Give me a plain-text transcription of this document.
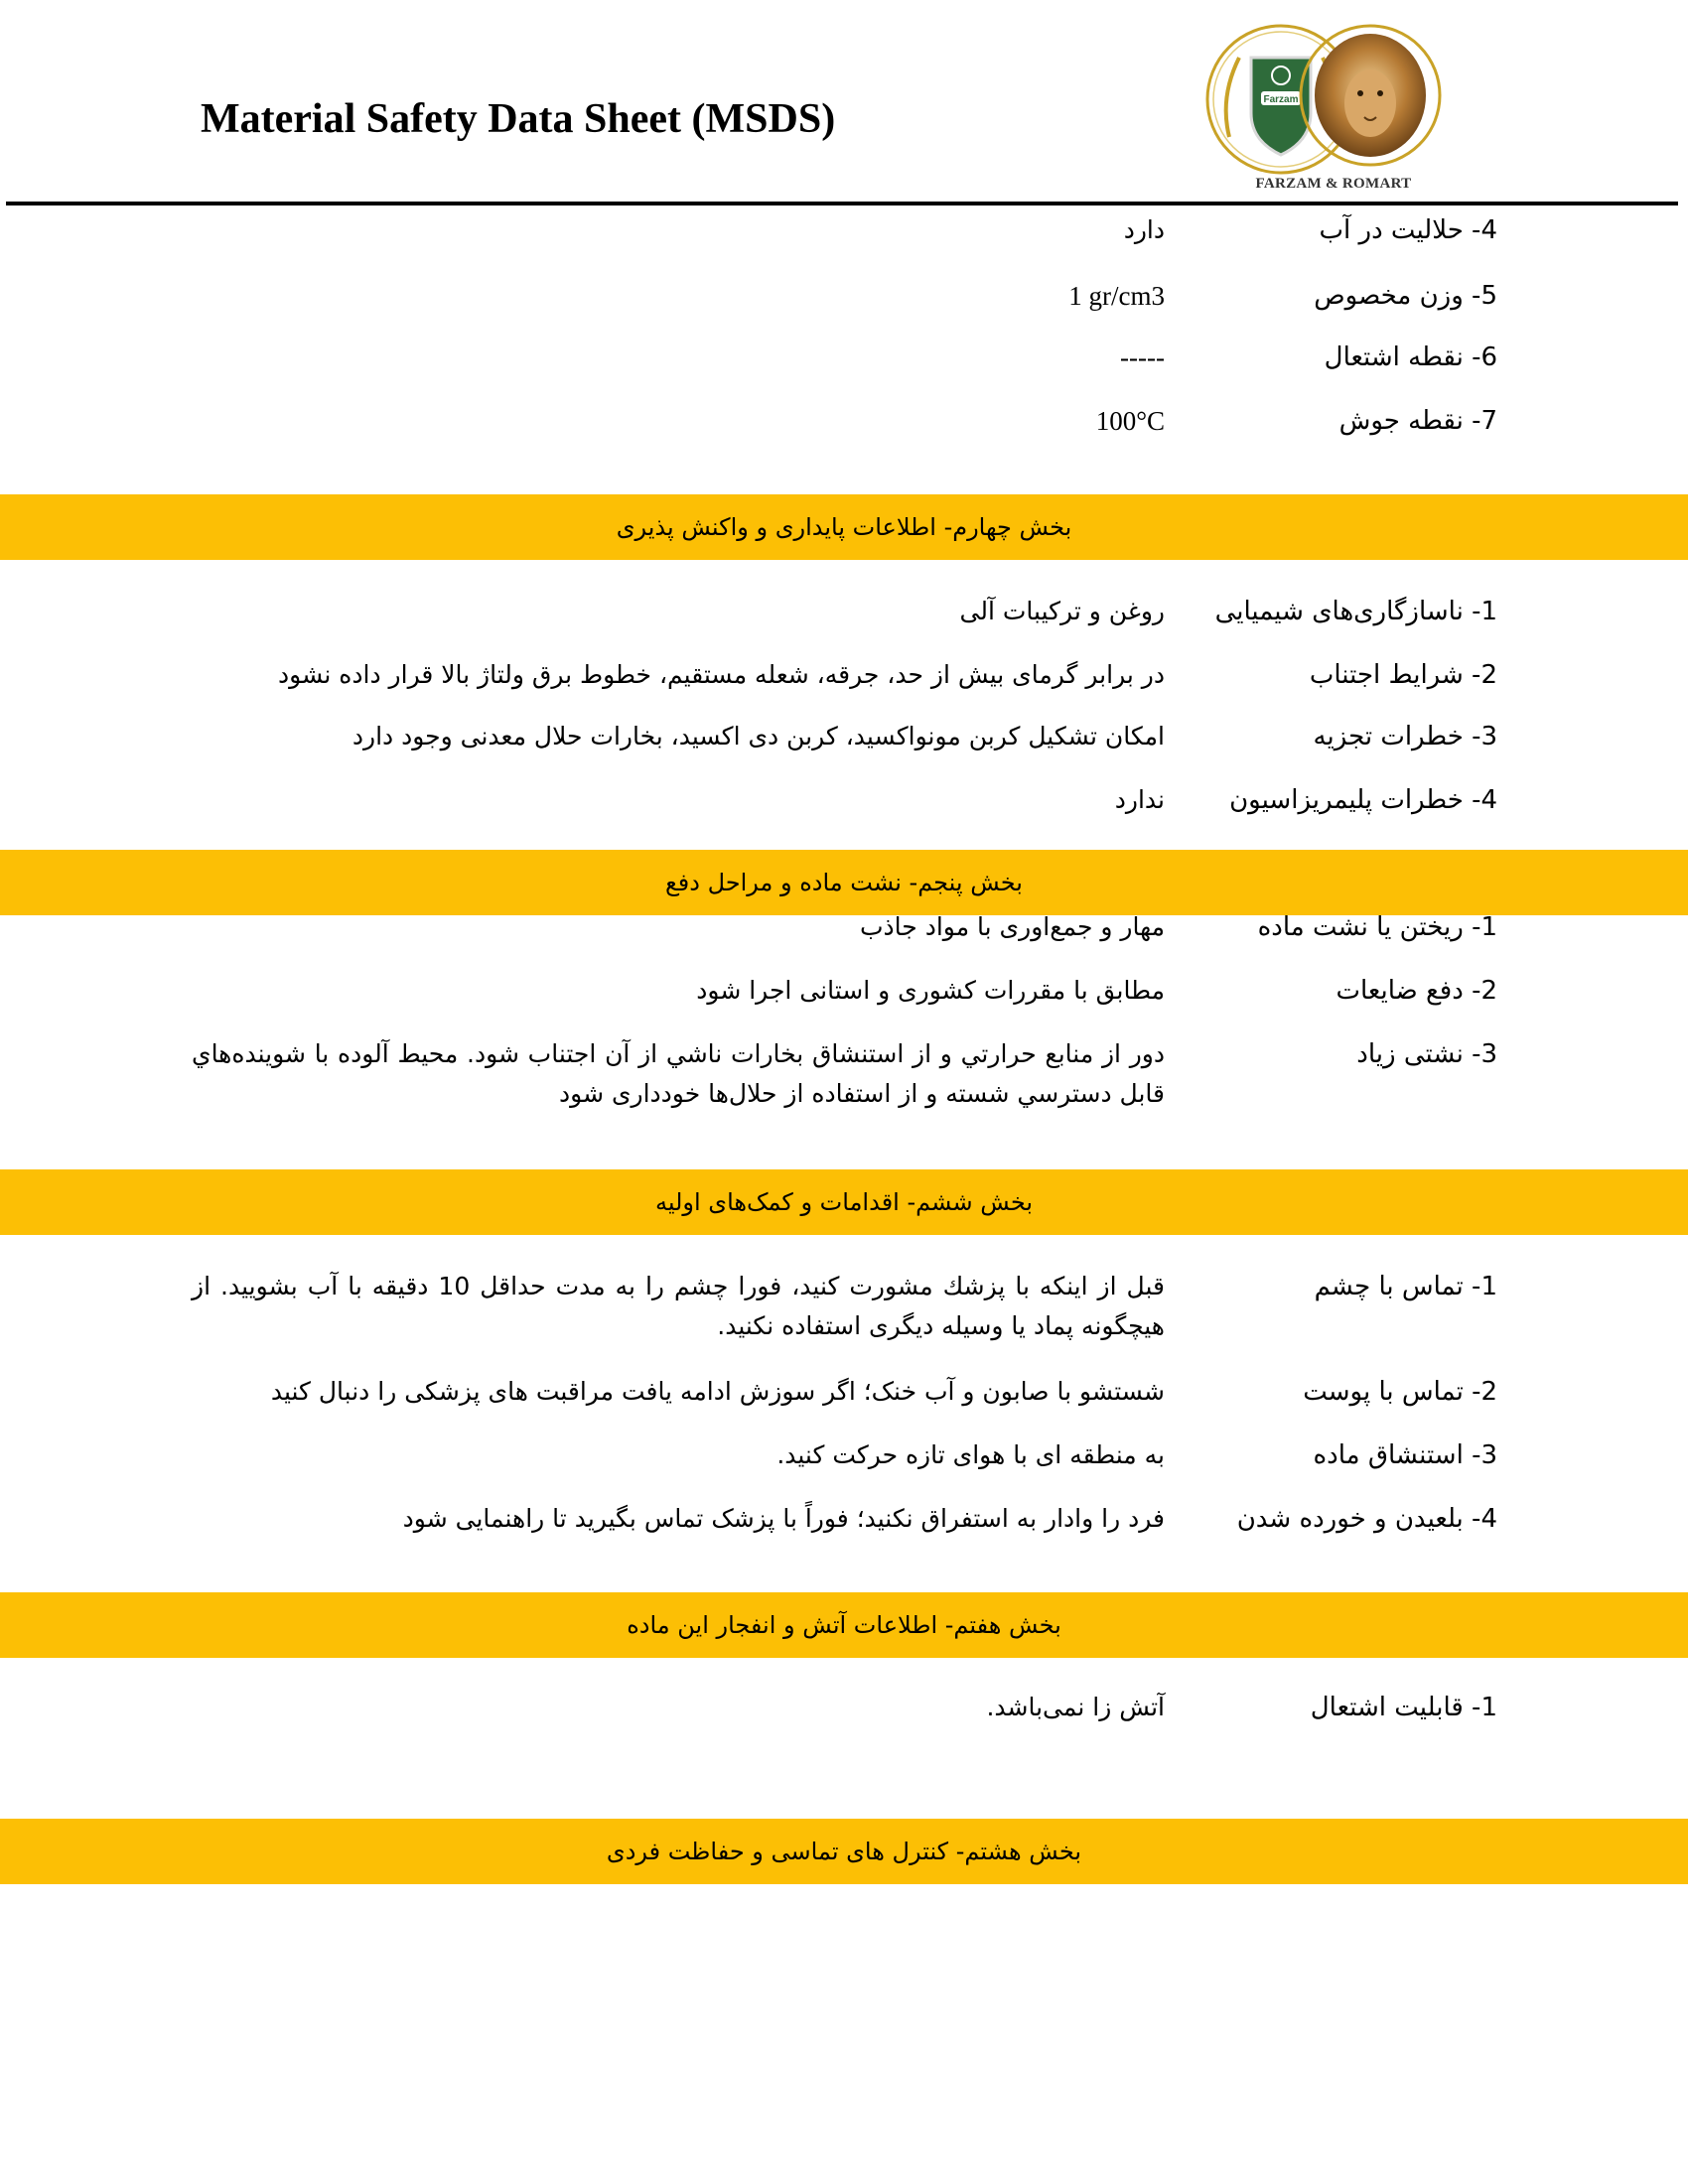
Material Safety Data Sheet (MSDS)	Farzam
FARZAM & ROMART
4- حلالیت در آب
دارد
5- وزن مخصوص
1 gr/cm3
6- نقطه اشتعال
-----
7- نقطه جوش
100°C
بخش چهارم- اطلاعات پایداری و واکنش پذیری
1- ناسازگاری‌های شیمیایی
روغن و ترکیبات آلی
2- شرایط اجتناب
در برابر گرمای بیش از حد، جرقه، شعله مستقیم، خطوط برق ولتاژ بالا قرار داده نشود
3- خطرات تجزیه
امکان تشکیل کربن مونواکسید، کربن دی اکسید، بخارات حلال معدنی وجود دارد
4- خطرات پلیمریزاسیون
ندارد
بخش پنجم- نشت ماده و مراحل دفع
1- ریختن یا نشت ماده
مهار و جمع‌اوری با مواد جاذب
2- دفع ضایعات
مطابق با مقررات کشوری و استانی اجرا شود
3- نشتی زیاد
دور از منابع حرارتي و از استنشاق بخارات ناشي از آن اجتناب شود. محیط آلوده با شوینده‌هاي قابل دسترسي شسته و از استفاده از حلال‌ها خودداری شود
بخش ششم- اقدامات و کمک‌های اولیه
1- تماس با چشم
قبل از اینکه با پزشك مشورت كنید، فورا چشم را به مدت حداقل 10 دقیقه با آب بشویید. از هیچگونه پماد یا وسیله دیگری استفاده نكنید.
2- تماس با پوست
شستشو با صابون و آب خنک؛ اگر سوزش ادامه یافت مراقبت های پزشکی را دنبال کنید
3- استنشاق ماده
به منطقه ای با هوای تازه حرکت کنید.
4- بلعیدن و خورده شدن
فرد را وادار به استفراق نکنید؛ فوراً با پزشک تماس بگیرید تا راهنمایی شود
بخش هفتم- اطلاعات آتش و انفجار این ماده
1- قابلیت اشتعال
آتش زا نمی‌باشد.
بخش هشتم- کنترل های تماسی و حفاظت فردی
